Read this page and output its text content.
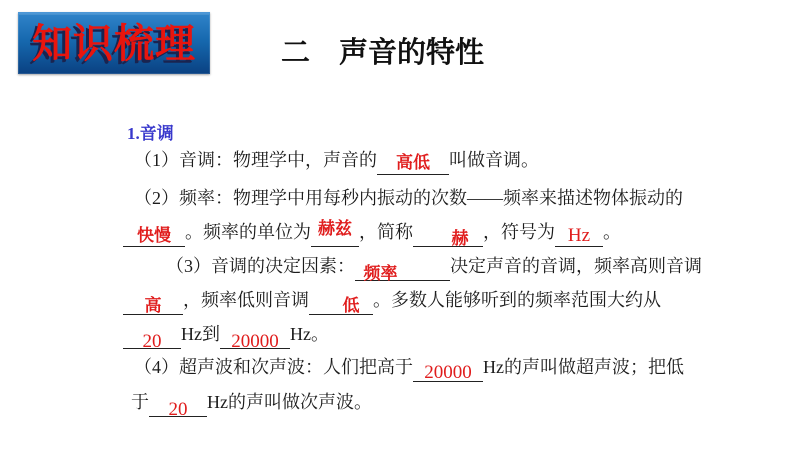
知识梳理	二　声音的特性
1.音调
（1）音调：物理学中，声音的 高低 叫做音调。
（2）频率：物理学中用每秒内振动的次数——频率来描述物体振动的
快慢 。频率的单位为 赫兹 ，简称 赫 ，符号为 Hz 。
（3）音调的决定因素： 频率	决定声音的音调，频率高则音调
高 ，频率低则音调 低 。多数人能够听到的频率范围大约从
20 Hz到 20000 Hz。
（4）超声波和次声波：人们把高于 20000 Hz的声叫做超声波；把低
于 20 Hz的声叫做次声波。
